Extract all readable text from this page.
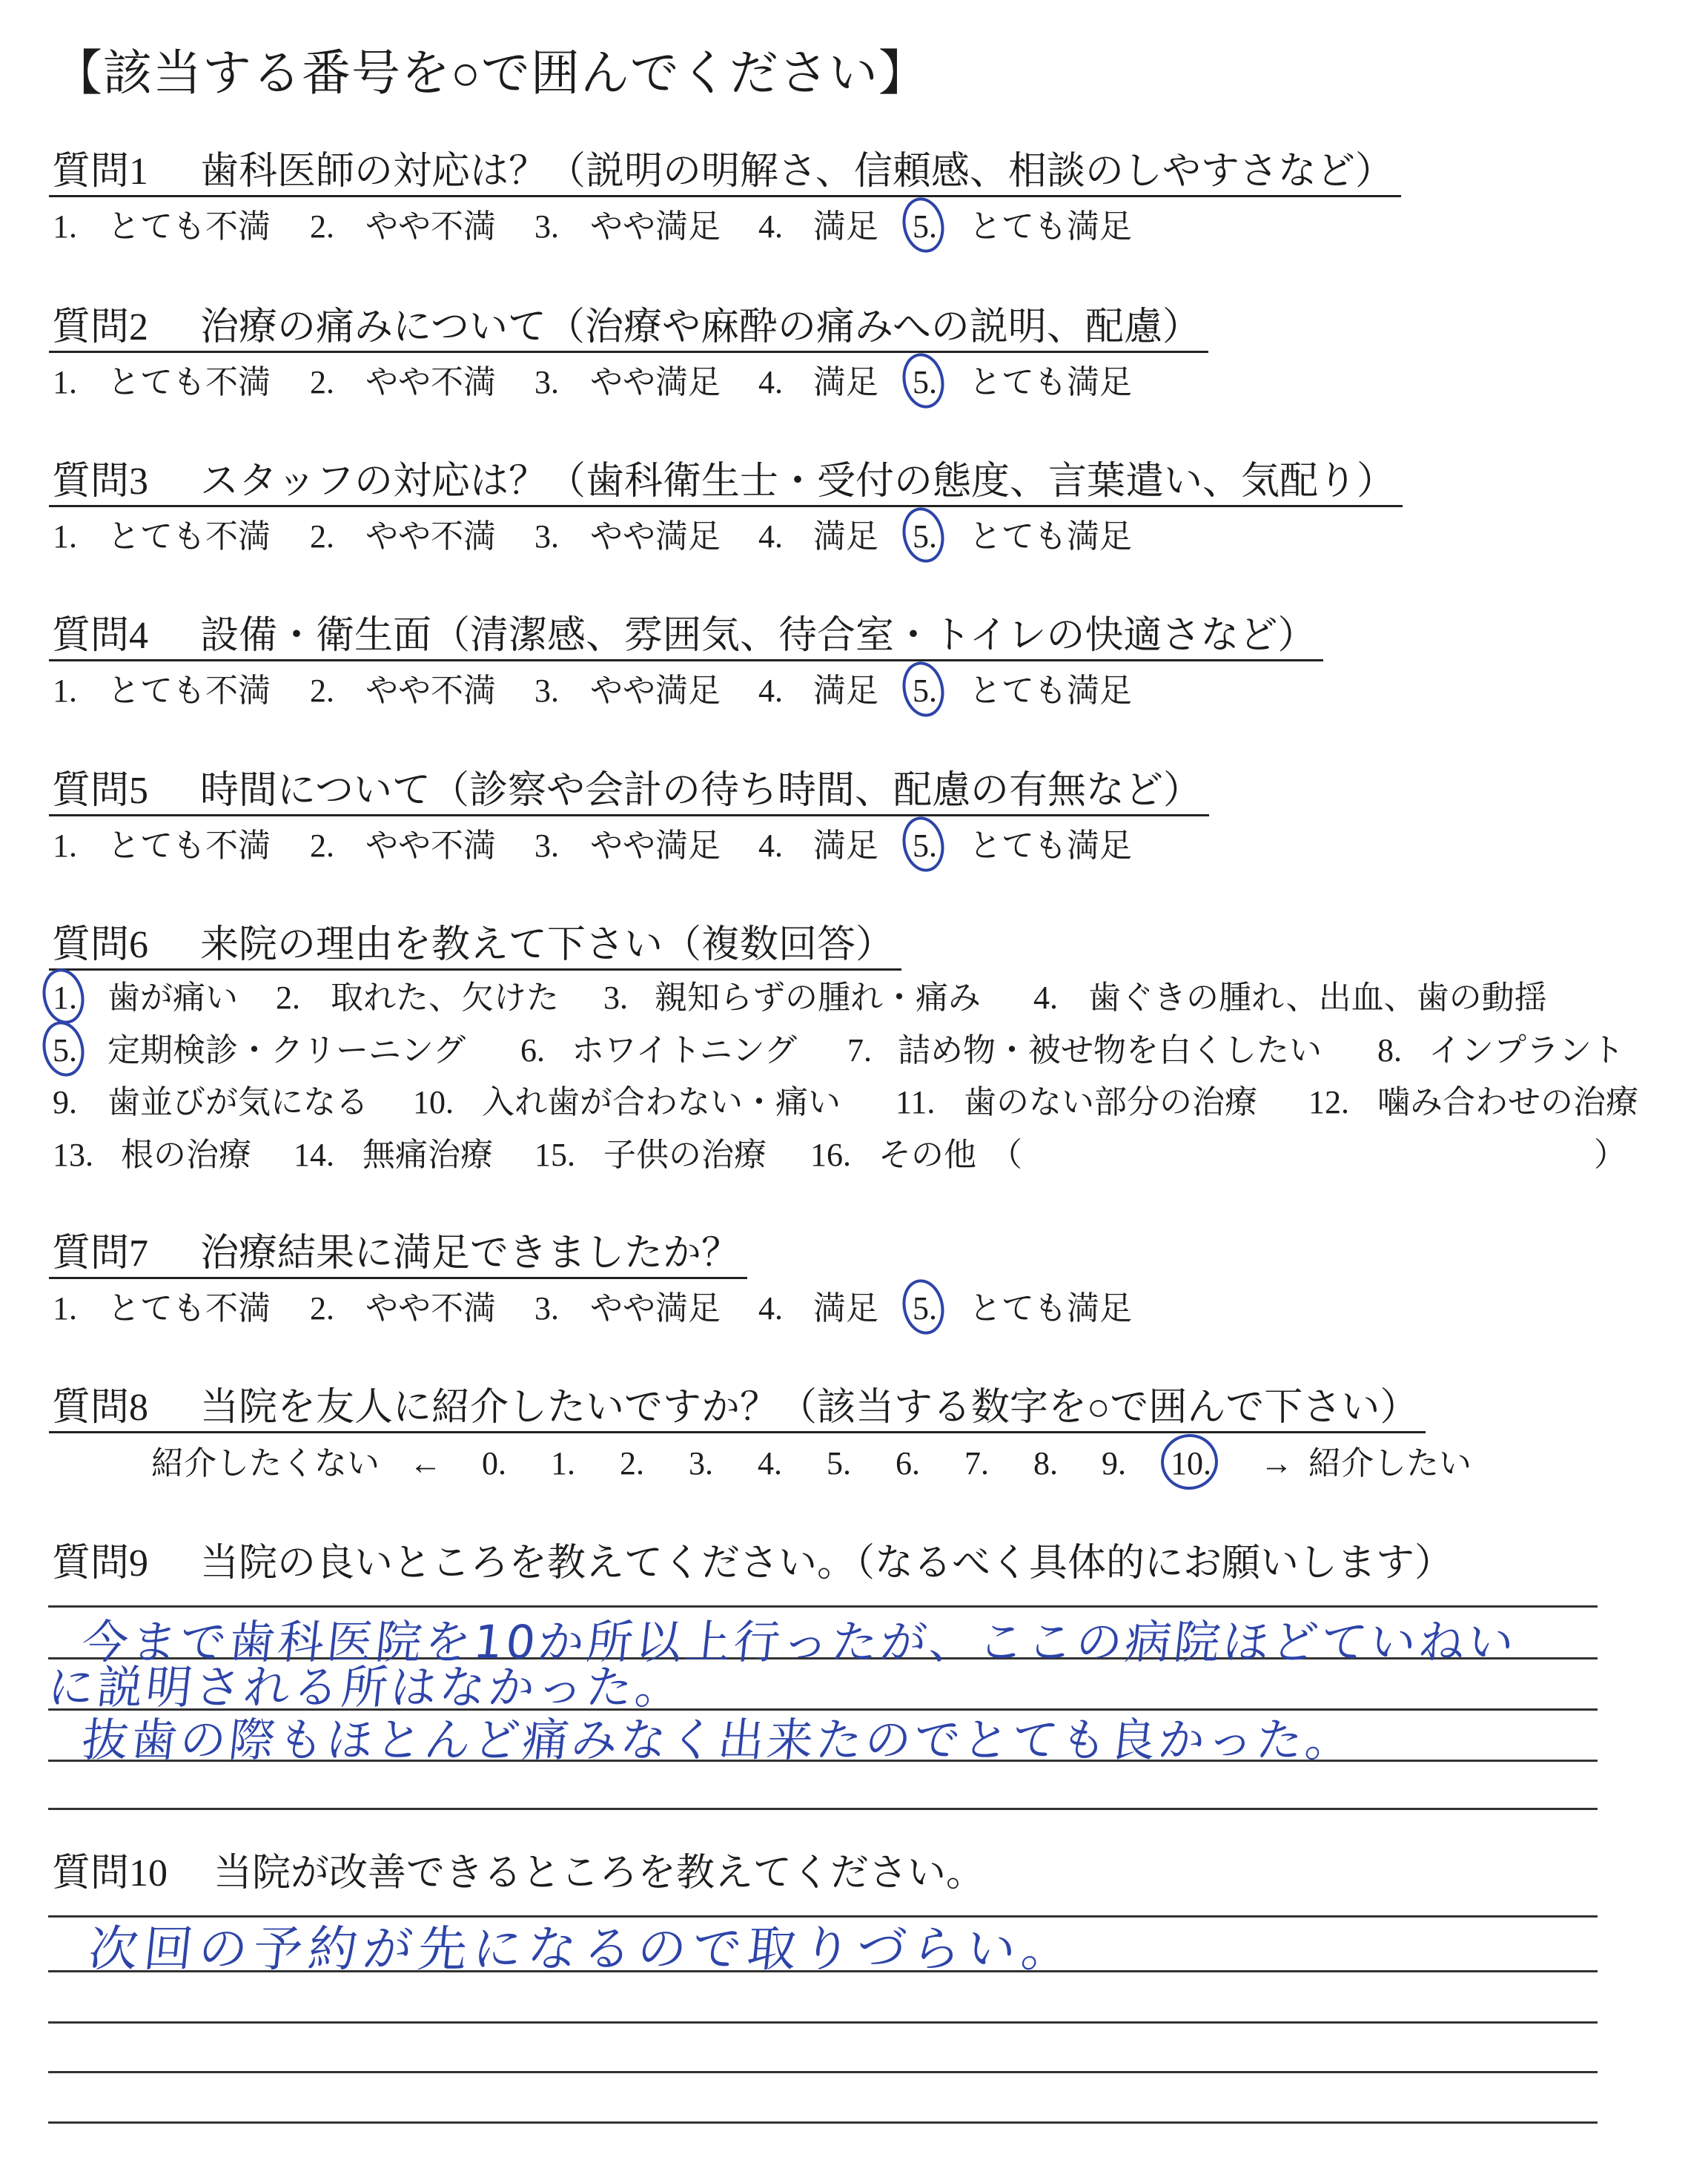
【該当する番号を○で囲んでください】
質問1 歯科医師の対応は？（説明の明解さ、信頼感、相談のしやすさなど）
1. とても不満 2. やや不満 3. やや満足 4. 満足 5. とても満足
質問2 治療の痛みについて（治療や麻酔の痛みへの説明、配慮）
1. とても不満 2. やや不満 3. やや満足 4. 満足 5. とても満足
質問3 スタッフの対応は？（歯科衛生士・受付の態度、言葉遣い、気配り）
1. とても不満 2. やや不満 3. やや満足 4. 満足 5. とても満足
質問4 設備・衛生面（清潔感、雰囲気、待合室・トイレの快適さなど）
1. とても不満 2. やや不満 3. やや満足 4. 満足 5. とても満足
質問5 時間について（診察や会計の待ち時間、配慮の有無など）
1. とても不満 2. やや不満 3. やや満足 4. 満足 5. とても満足
質問6 来院の理由を教えて下さい（複数回答）
1. 歯が痛い 2. 取れた、欠けた 3. 親知らずの腫れ・痛み 4. 歯ぐきの腫れ、出血、歯の動揺
5. 定期検診・クリーニング 6. ホワイトニング 7. 詰め物・被せ物を白くしたい 8. インプラント
9. 歯並びが気になる 10. 入れ歯が合わない・痛い 11. 歯のない部分の治療 12. 噛み合わせの治療
13. 根の治療 14. 無痛治療 15. 子供の治療 16. その他 （	）
質問7 治療結果に満足できましたか？
1. とても不満 2. やや不満 3. やや満足 4. 満足 5. とても満足
質問8 当院を友人に紹介したいですか？（該当する数字を○で囲んで下さい）
紹介したくない ← 0. 1. 2. 3. 4. 5. 6. 7. 8. 9. 10. → 紹介したい
質問9 当院の良いところを教えてください。（なるべく具体的にお願いします）
今まで歯科医院を10か所以上行ったが、ここの病院ほどていねい
に説明される所はなかった。
抜歯の際もほとんど痛みなく出来たのでとても良かった。
質問10 当院が改善できるところを教えてください。
次回の予約が先になるので取りづらい。
